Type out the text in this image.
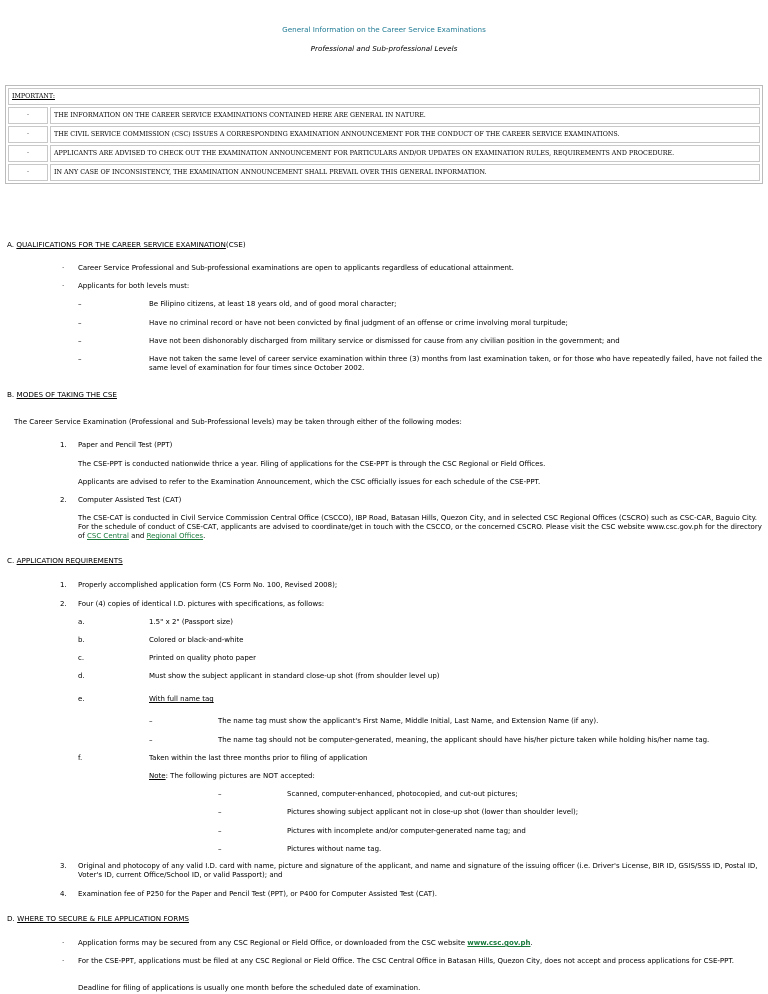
General Information on the Career Service Examinations
Professional and Sub-professional Levels
IMPORTANT:	
·	THE INFORMATION ON THE CAREER SERVICE EXAMINATIONS CONTAINED HERE ARE GENERAL IN NATURE.
·	THE CIVIL SERVICE COMMISSION (CSC) ISSUES A CORRESPONDING EXAMINATION ANNOUNCEMENT FOR THE CONDUCT OF THE CAREER SERVICE EXAMINATIONS.
·	APPLICANTS ARE ADVISED TO CHECK OUT THE EXAMINATION ANNOUNCEMENT FOR PARTICULARS AND/OR UPDATES ON EXAMINATION RULES, REQUIREMENTS AND PROCEDURE.
·	IN ANY CASE OF INCONSISTENCY, THE EXAMINATION ANNOUNCEMENT SHALL PREVAIL OVER THIS GENERAL INFORMATION.
A. QUALIFICATIONS FOR THE CAREER SERVICE EXAMINATION(CSE)
· Career Service Professional and Sub-professional examinations are open to applicants regardless of educational attainment.
· Applicants for both levels must:
–	Be Filipino citizens, at least 18 years old, and of good moral character;
–	Have no criminal record or have not been convicted by final judgment of an offense or crime involving moral turpitude;
–	Have not been dishonorably discharged from military service or dismissed for cause from any civilian position in the government; and
–	Have not taken the same level of career service examination within three (3) months from last examination taken, or for those who have repeatedly failed, have not failed the same level of examination for four times since October 2002.
B. MODES OF TAKING THE CSE
The Career Service Examination (Professional and Sub-Professional levels) may be taken through either of the following modes:
1. Paper and Pencil Test (PPT)
The CSE-PPT is conducted nationwide thrice a year. Filing of applications for the CSE-PPT is through the CSC Regional or Field Offices.
Applicants are advised to refer to the Examination Announcement, which the CSC officially issues for each schedule of the CSE-PPT.
2. Computer Assisted Test (CAT)
The CSE-CAT is conducted in Civil Service Commission Central Office (CSCCO), IBP Road, Batasan Hills, Quezon City, and in selected CSC Regional Offices (CSCRO) such as CSC-CAR, Baguio City. For the schedule of conduct of CSE-CAT, applicants are advised to coordinate/get in touch with the CSCCO, or the concerned CSCRO. Please visit the CSC website www.csc.gov.ph for the directory of CSC Central and Regional Offices.
C. APPLICATION REQUIREMENTS
1. Properly accomplished application form (CS Form No. 100, Revised 2008);
2. Four (4) copies of identical I.D. pictures with specifications, as follows:
a.	1.5" x 2" (Passport size)
b.	Colored or black-and-white
c.	Printed on quality photo paper
d.	Must show the subject applicant in standard close-up shot (from shoulder level up)
e.	With full name tag
–	The name tag must show the applicant's First Name, Middle Initial, Last Name, and Extension Name (if any).
–	The name tag should not be computer-generated, meaning, the applicant should have his/her picture taken while holding his/her name tag.
f.	Taken within the last three months prior to filing of application
Note: The following pictures are NOT accepted:
–	Scanned, computer-enhanced, photocopied, and cut-out pictures;
–	Pictures showing subject applicant not in close-up shot (lower than shoulder level);
–	Pictures with incomplete and/or computer-generated name tag; and
–	Pictures without name tag.
3. Original and photocopy of any valid I.D. card with name, picture and signature of the applicant, and name and signature of the issuing officer (i.e. Driver's License, BIR ID, GSIS/SSS ID, Postal ID, Voter's ID, current Office/School ID, or valid Passport); and
4. Examination fee of P250 for the Paper and Pencil Test (PPT), or P400 for Computer Assisted Test (CAT).
D. WHERE TO SECURE & FILE APPLICATION FORMS
· Application forms may be secured from any CSC Regional or Field Office, or downloaded from the CSC website www.csc.gov.ph.
· For the CSE-PPT, applications must be filed at any CSC Regional or Field Office. The CSC Central Office in Batasan Hills, Quezon City, does not accept and process applications for CSE-PPT.
Deadline for filing of applications is usually one month before the scheduled date of examination.
